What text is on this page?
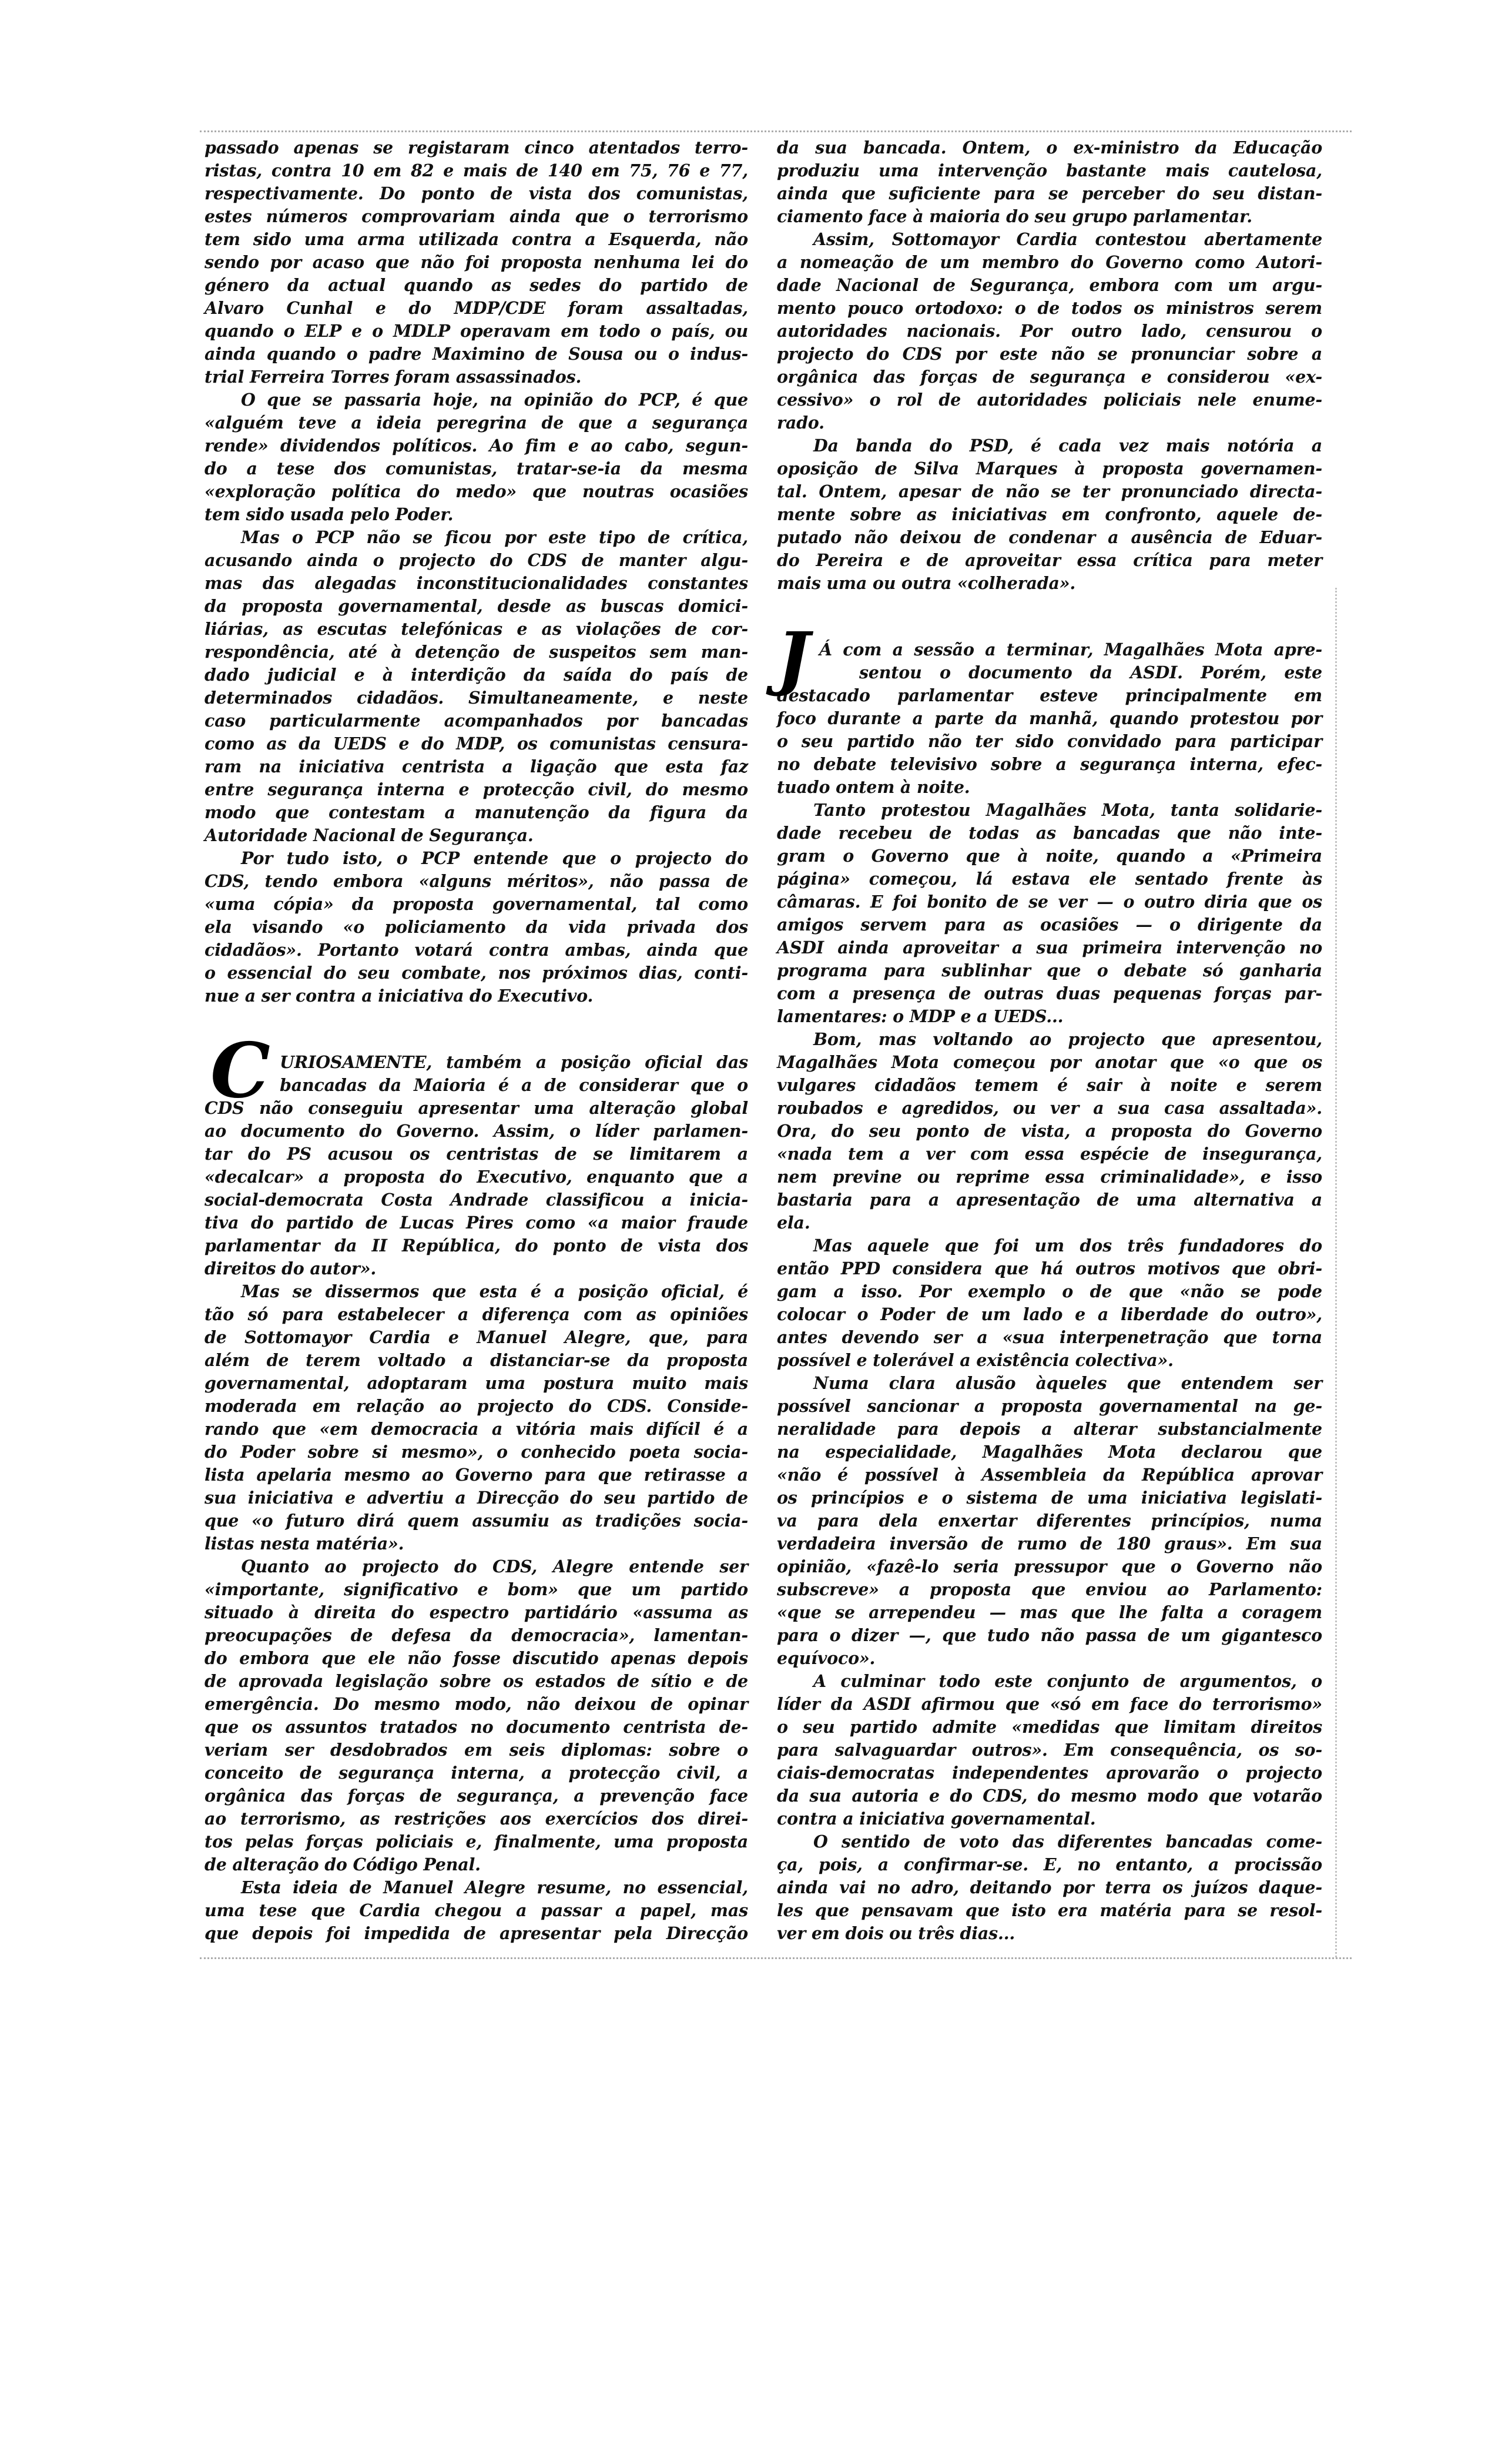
passado apenas se registaram cinco atentados terro-
ristas, contra 10 em 82 e mais de 140 em 75, 76 e 77,
respectivamente. Do ponto de vista dos comunistas,
estes números comprovariam ainda que o terrorismo
tem sido uma arma utilizada contra a Esquerda, não
sendo por acaso que não foi proposta nenhuma lei do
género da actual quando as sedes do partido de
Alvaro Cunhal e do MDP/CDE foram assaltadas,
quando o ELP e o MDLP operavam em todo o país, ou
ainda quando o padre Maximino de Sousa ou o indus-
trial Ferreira Torres foram assassinados.
O que se passaria hoje, na opinião do PCP, é que
«alguém teve a ideia peregrina de que a segurança
rende» dividendos políticos. Ao fim e ao cabo, segun-
do a tese dos comunistas, tratar-se-ia da mesma
«exploração política do medo» que noutras ocasiões
tem sido usada pelo Poder.
Mas o PCP não se ficou por este tipo de crítica,
acusando ainda o projecto do CDS de manter algu-
mas das alegadas inconstitucionalidades constantes
da proposta governamental, desde as buscas domici-
liárias, as escutas telefónicas e as violações de cor-
respondência, até à detenção de suspeitos sem man-
dado judicial e à interdição da saída do país de
determinados cidadãos. Simultaneamente, e neste
caso particularmente acompanhados por bancadas
como as da UEDS e do MDP, os comunistas censura-
ram na iniciativa centrista a ligação que esta faz
entre segurança interna e protecção civil, do mesmo
modo que contestam a manutenção da figura da
Autoridade Nacional de Segurança.
Por tudo isto, o PCP entende que o projecto do
CDS, tendo embora «alguns méritos», não passa de
«uma cópia» da proposta governamental, tal como
ela visando «o policiamento da vida privada dos
cidadãos». Portanto votará contra ambas, ainda que
o essencial do seu combate, nos próximos dias, conti-
nue a ser contra a iniciativa do Executivo.
C URIOSAMENTE, também a posição oficial das
bancadas da Maioria é a de considerar que o
CDS não conseguiu apresentar uma alteração global
ao documento do Governo. Assim, o líder parlamen-
tar do PS acusou os centristas de se limitarem a
«decalcar» a proposta do Executivo, enquanto que a
social-democrata Costa Andrade classificou a inicia-
tiva do partido de Lucas Pires como «a maior fraude
parlamentar da II República, do ponto de vista dos
direitos do autor».
Mas se dissermos que esta é a posição oficial, é
tão só para estabelecer a diferença com as opiniões
de Sottomayor Cardia e Manuel Alegre, que, para
além de terem voltado a distanciar-se da proposta
governamental, adoptaram uma postura muito mais
moderada em relação ao projecto do CDS. Conside-
rando que «em democracia a vitória mais difícil é a
do Poder sobre si mesmo», o conhecido poeta socia-
lista apelaria mesmo ao Governo para que retirasse a
sua iniciativa e advertiu a Direcção do seu partido de
que «o futuro dirá quem assumiu as tradições socia-
listas nesta matéria».
Quanto ao projecto do CDS, Alegre entende ser
«importante, significativo e bom» que um partido
situado à direita do espectro partidário «assuma as
preocupações de defesa da democracia», lamentan-
do embora que ele não fosse discutido apenas depois
de aprovada legislação sobre os estados de sítio e de
emergência. Do mesmo modo, não deixou de opinar
que os assuntos tratados no documento centrista de-
veriam ser desdobrados em seis diplomas: sobre o
conceito de segurança interna, a protecção civil, a
orgânica das forças de segurança, a prevenção face
ao terrorismo, as restrições aos exercícios dos direi-
tos pelas forças policiais e, finalmente, uma proposta
de alteração do Código Penal.
Esta ideia de Manuel Alegre resume, no essencial,
uma tese que Cardia chegou a passar a papel, mas
que depois foi impedida de apresentar pela Direcção
da sua bancada. Ontem, o ex-ministro da Educação
produziu uma intervenção bastante mais cautelosa,
ainda que suficiente para se perceber do seu distan-
ciamento face à maioria do seu grupo parlamentar.
Assim, Sottomayor Cardia contestou abertamente
a nomeação de um membro do Governo como Autori-
dade Nacional de Segurança, embora com um argu-
mento pouco ortodoxo: o de todos os ministros serem
autoridades nacionais. Por outro lado, censurou o
projecto do CDS por este não se pronunciar sobre a
orgânica das forças de segurança e considerou «ex-
cessivo» o rol de autoridades policiais nele enume-
rado.
Da banda do PSD, é cada vez mais notória a
oposição de Silva Marques à proposta governamen-
tal. Ontem, apesar de não se ter pronunciado directa-
mente sobre as iniciativas em confronto, aquele de-
putado não deixou de condenar a ausência de Eduar-
do Pereira e de aproveitar essa crítica para meter
mais uma ou outra «colherada».
J Á com a sessão a terminar, Magalhães Mota apre-
sentou o documento da ASDI. Porém, este
destacado parlamentar esteve principalmente em
foco durante a parte da manhã, quando protestou por
o seu partido não ter sido convidado para participar
no debate televisivo sobre a segurança interna, efec-
tuado ontem à noite.
Tanto protestou Magalhães Mota, tanta solidarie-
dade recebeu de todas as bancadas que não inte-
gram o Governo que à noite, quando a «Primeira
página» começou, lá estava ele sentado frente às
câmaras. E foi bonito de se ver — o outro diria que os
amigos servem para as ocasiões — o dirigente da
ASDI ainda aproveitar a sua primeira intervenção no
programa para sublinhar que o debate só ganharia
com a presença de outras duas pequenas forças par-
lamentares: o MDP e a UEDS...
Bom, mas voltando ao projecto que apresentou,
Magalhães Mota começou por anotar que «o que os
vulgares cidadãos temem é sair à noite e serem
roubados e agredidos, ou ver a sua casa assaltada».
Ora, do seu ponto de vista, a proposta do Governo
«nada tem a ver com essa espécie de insegurança,
nem previne ou reprime essa criminalidade», e isso
bastaria para a apresentação de uma alternativa a
ela.
Mas aquele que foi um dos três fundadores do
então PPD considera que há outros motivos que obri-
gam a isso. Por exemplo o de que «não se pode
colocar o Poder de um lado e a liberdade do outro»,
antes devendo ser a «sua interpenetração que torna
possível e tolerável a existência colectiva».
Numa clara alusão àqueles que entendem ser
possível sancionar a proposta governamental na ge-
neralidade para depois a alterar substancialmente
na especialidade, Magalhães Mota declarou que
«não é possível à Assembleia da República aprovar
os princípios e o sistema de uma iniciativa legislati-
va para dela enxertar diferentes princípios, numa
verdadeira inversão de rumo de 180 graus». Em sua
opinião, «fazê-lo seria pressupor que o Governo não
subscreve» a proposta que enviou ao Parlamento:
«que se arrependeu — mas que lhe falta a coragem
para o dizer —, que tudo não passa de um gigantesco
equívoco».
A culminar todo este conjunto de argumentos, o
líder da ASDI afirmou que «só em face do terrorismo»
o seu partido admite «medidas que limitam direitos
para salvaguardar outros». Em consequência, os so-
ciais-democratas independentes aprovarão o projecto
da sua autoria e do CDS, do mesmo modo que votarão
contra a iniciativa governamental.
O sentido de voto das diferentes bancadas come-
ça, pois, a confirmar-se. E, no entanto, a procissão
ainda vai no adro, deitando por terra os juízos daque-
les que pensavam que isto era matéria para se resol-
ver em dois ou três dias...
